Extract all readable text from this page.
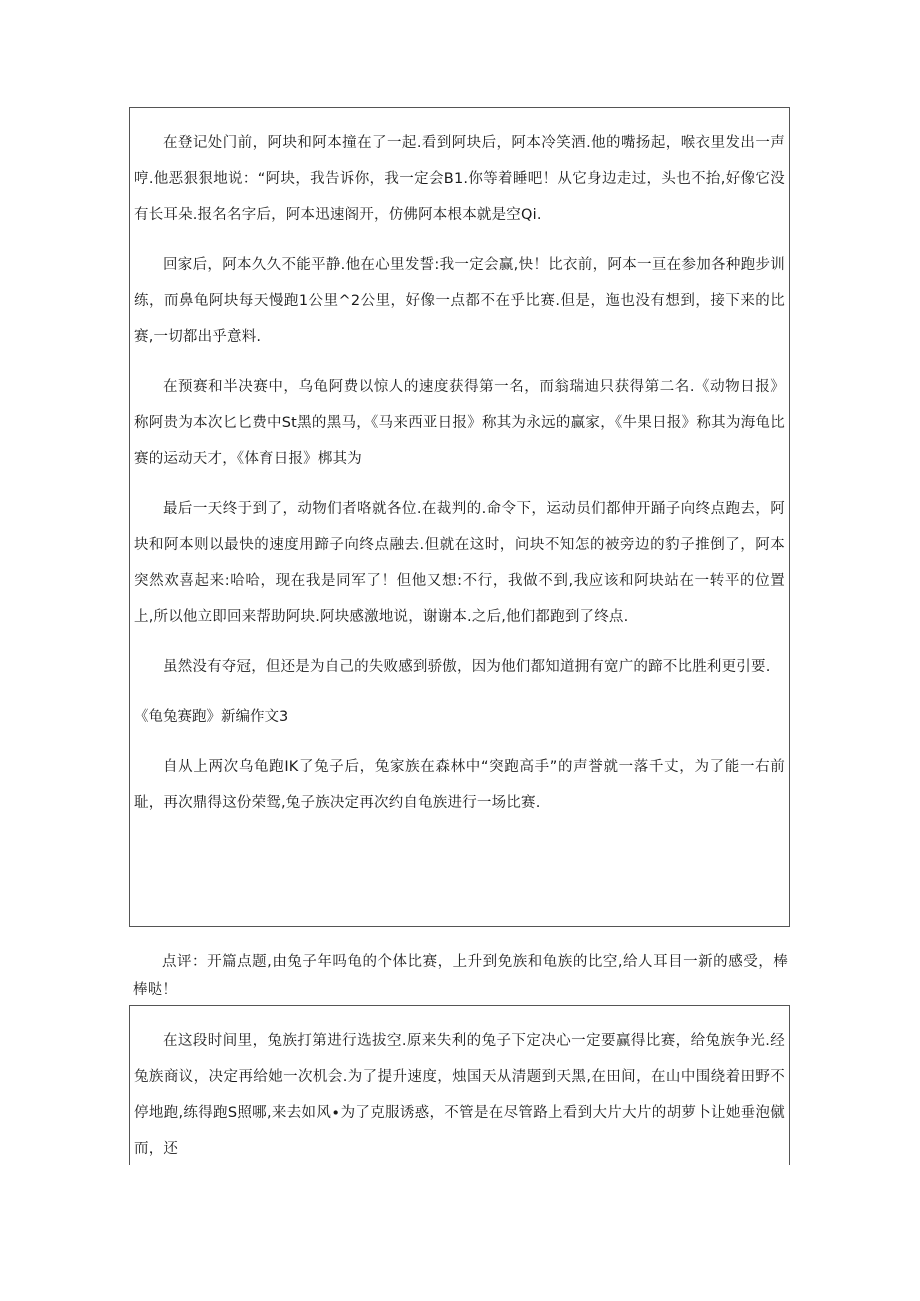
在登记处门前，阿块和阿本撞在了一起.看到阿块后，阿本冷笑酒.他的嘴扬起，喉衣里发出一声哼.他恶狠狠地说：“阿块，我告诉你，我一定会B1.你等着睡吧！从它身边走过，头也不抬,好像它没有长耳朵.报名名字后，阿本迅速阁开，仿佛阿本根本就是空Qi.

回家后，阿本久久不能平静.他在心里发誓:我一定会赢,快！比衣前，阿本一亘在参加各种跑步训练，而鼻龟阿块每天慢跑1公里^2公里，好像一点都不在乎比赛.但是，迤也没有想到，接下来的比赛,一切都出乎意料.

在预赛和半决赛中，乌龟阿费以惊人的速度获得第一名，而翁瑞迪只获得第二名.《动物日报》称阿贵为本次匕匕费中St黑的黑马，《马来西亚日报》称其为永远的赢家，《牛果日报》称其为海龟比赛的运动天才，《体育日报》梆其为

最后一天终于到了，动物们者咯就各位.在裁判的.命令下，运动员们都伸开踊子向终点跑去，阿块和阿本则以最快的速度用蹄子向终点融去.但就在这时，问块不知怎的被旁边的豹子推倒了，阿本突然欢喜起来:哈哈，现在我是同军了！但他又想:不行，我做不到,我应该和阿块站在一转平的位置上,所以他立即回来帮助阿块.阿块感激地说，谢谢本.之后,他们都跑到了终点.

虽然没有夺冠，但还是为自己的失败感到骄傲，因为他们都知道拥有宽广的蹄不比胜利更引要.

《龟兔赛跑》新编作文3

自从上两次乌龟跑IK了兔子后，兔家族在森林中“突跑高手”的声誉就一落千丈，为了能一右前耻，再次鼎得这份荣鸳,兔子族决定再次约自龟族进行一场比赛.

点评：开篇点题,由兔子年吗龟的个体比赛，上升到免族和龟族的比空,给人耳目一新的感受，棒棒哒！

在这段时间里，兔族打第进行选拔空.原来失利的兔子下定决心一定要赢得比赛，给兔族争光.经兔族商议，决定再给她一次机会.为了提升速度，烛国天从清题到天黑,在田间，在山中围绕着田野不停地跑,练得跑S照哪,来去如风∙为了克服诱惑，不管是在尽管路上看到大片大片的胡萝卜让她垂泡僦而，还
